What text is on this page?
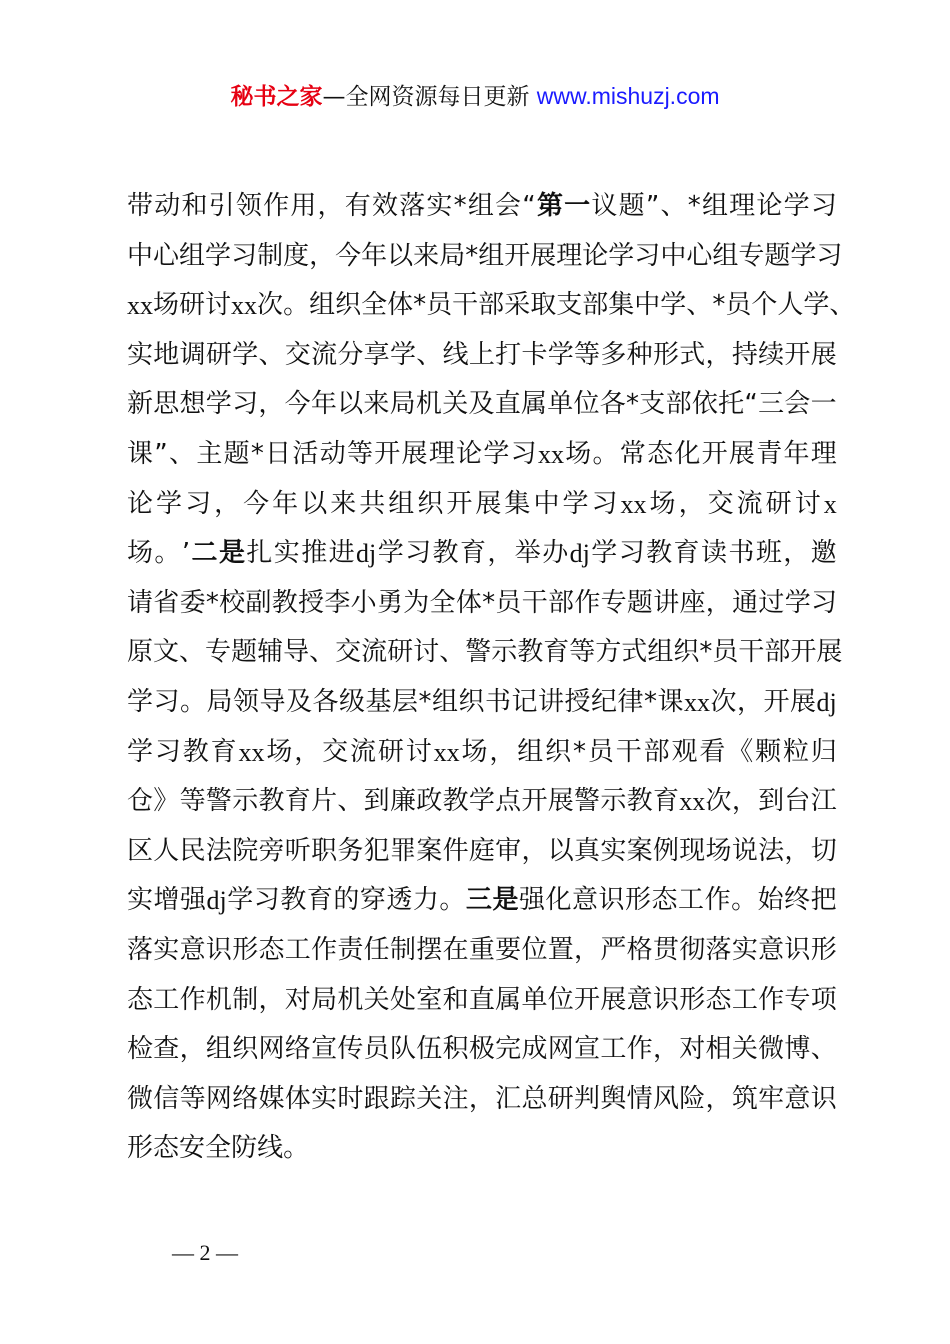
秘书之家—全网资源每日更新 www.mishuzj.com
带 动 和 引 领 作 用 ， 有 效 落 实 * 组 会 “ 第 一 议 题 ” 、 * 组 理 论 学 习
中 心 组 学 习 制 度 ， 今 年 以 来 局 * 组 开 展 理 论 学 习 中 心 组 专 题 学 习
xx 场 研 讨 xx 次 。 组 织 全 体 * 员 干 部 采 取 支 部 集 中 学 、 * 员 个 人 学 、
实 地 调 研 学 、 交 流 分 享 学 、 线 上 打 卡 学 等 多 种 形 式 ， 持 续 开 展
新 思 想 学 习 ， 今 年 以 来 局 机 关 及 直 属 单 位 各 * 支 部 依 托 “ 三 会 一
课 ” 、 主 题 * 日 活 动 等 开 展 理 论 学 习 xx 场 。 常 态 化 开 展 青 年 理
论 学 习 ， 今 年 以 来 共 组 织 开 展 集 中 学 习 xx 场 ， 交 流 研 讨 x
场 。 ’ 二 是 扎 实 推 进 dj 学 习 教 育 ， 举 办 dj 学 习 教 育 读 书 班 ， 邀
请 省 委 * 校 副 教 授 李 小 勇 为 全 体 * 员 干 部 作 专 题 讲 座 ， 通 过 学 习
原 文 、 专 题 辅 导 、 交 流 研 讨 、 警 示 教 育 等 方 式 组 织 * 员 干 部 开 展
学 习 。 局 领 导 及 各 级 基 层 * 组 织 书 记 讲 授 纪 律 * 课 xx 次 ， 开 展 dj
学 习 教 育 xx 场 ， 交 流 研 讨 xx 场 ， 组 织 * 员 干 部 观 看 《 颗 粒 归
仓 》 等 警 示 教 育 片 、 到 廉 政 教 学 点 开 展 警 示 教 育 xx 次 ， 到 台 江
区 人 民 法 院 旁 听 职 务 犯 罪 案 件 庭 审 ， 以 真 实 案 例 现 场 说 法 ， 切
实 增 强 dj 学 习 教 育 的 穿 透 力 。 三 是 强 化 意 识 形 态 工 作 。 始 终 把
落 实 意 识 形 态 工 作 责 任 制 摆 在 重 要 位 置 ， 严 格 贯 彻 落 实 意 识 形
态 工 作 机 制 ， 对 局 机 关 处 室 和 直 属 单 位 开 展 意 识 形 态 工 作 专 项
检 查 ， 组 织 网 络 宣 传 员 队 伍 积 极 完 成 网 宣 工 作 ， 对 相 关 微 博 、
微 信 等 网 络 媒 体 实 时 跟 踪 关 注 ， 汇 总 研 判 舆 情 风 险 ， 筑 牢 意 识
形 态 安 全 防 线 。
— 2 —
